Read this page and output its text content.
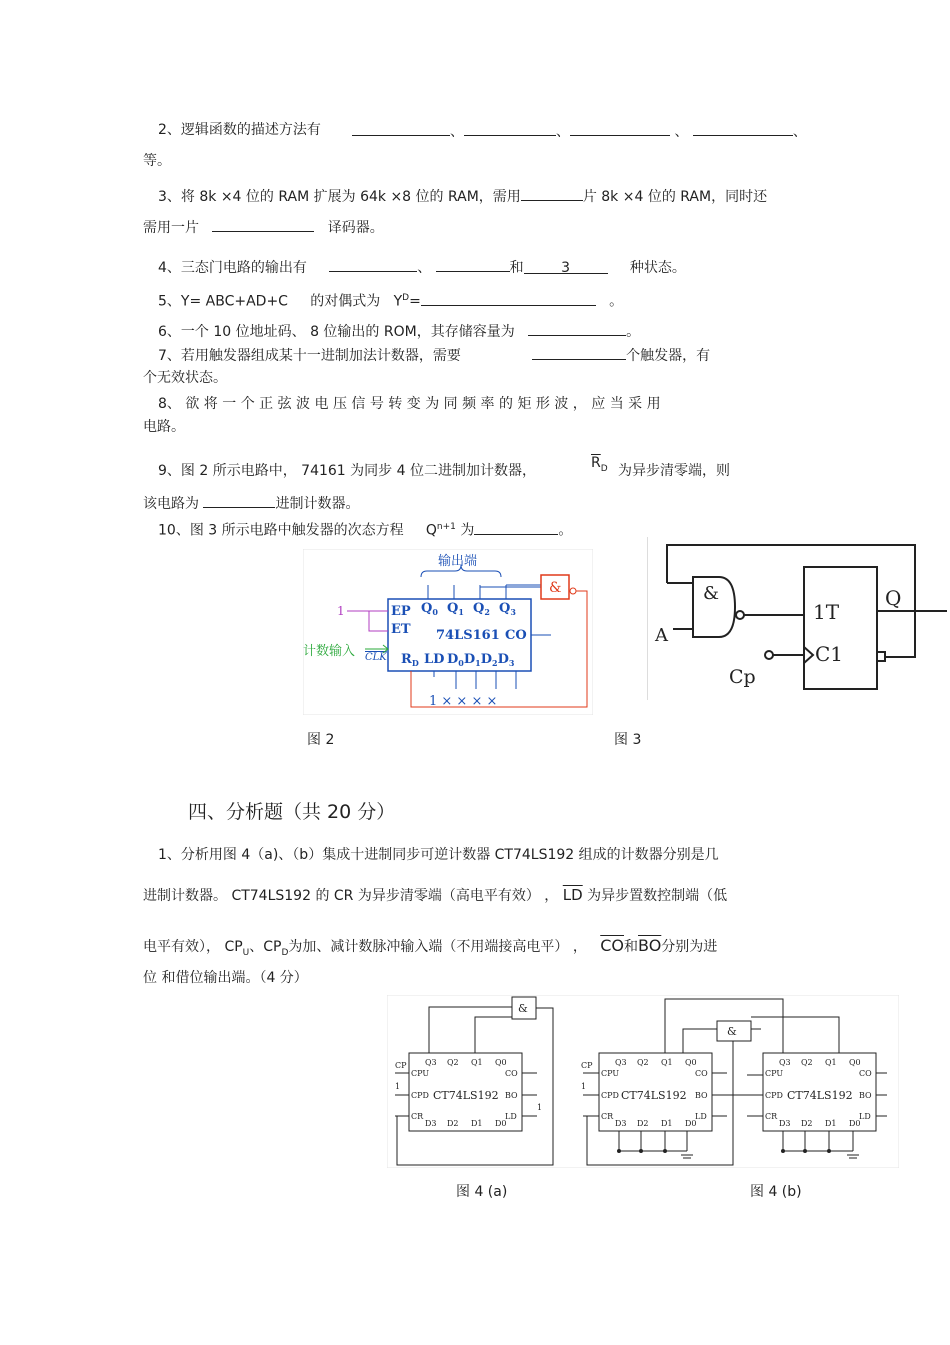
2、逻辑函数的描述方法有	、	、	、	、
等。
3、将 8k ×4 位的 RAM 扩展为 64k ×8 位的 RAM，需用	片 8k ×4 位的 RAM，同时还
需用一片	译码器。
4、三态门电路的输出有	、	和	3	种状态。
5、Y= ABC+AD+C 的对偶式为 $Y^D=$	。
6、一个 10 位地址码、 8 位输出的 ROM，其存储容量为	。
7、若用触发器组成某十一进制加法计数器，需要	个触发器，有
个无效状态。
8、 欲 将 一 个 正 弦 波 电 压 信 号 转 变 为 同 频 率 的 矩 形 波 ， 应 当 采 用
电路。
9、图 2 所示电路中， 74161 为同步 4 位二进制加计数器，	$\overline{R}_D$ 为异步清零端，则
该电路为	进制计数器。
10、图 3 所示电路中触发器的次态方程 $Q^{n+1}$ 为	。
输出端
EP
ET 74LS161 CO
$Q_0$ $Q_1$ $Q_2$ $Q_3$
CLK $R_D$ LD $D_0D_1D_2D_3$
计数输入
1
&
1 × × × ×
图 2
&
A
1T
C1
Cp
Q
图 3
四、分析题（共 20 分）
1、分析用图 4（a)、（b）集成十进制同步可逆计数器 CT74LS192 组成的计数器分别是几
进制计数器。 CT74LS192 的 CR 为异步清零端（高电平有效） ， $\overline{LD}$ 为异步置数控制端（低
电平有效）， $CP_U$、$CP_D$为加、减计数脉冲输入端（不用端接高电平） ， $\overline{CO}$和$\overline{BO}$分别为进
位 和借位输出端。（4 分）
CT74LS192
Q3 Q2 Q1 Q0
D3 D2 D1 D0
CPU
CPD
CR
CO
BO
LD
1
1
CP
&
CT74LS192
Q3 Q2 Q1 Q0
D3 D2 D1 D0
CPU
CPD
CR
CO
BO
LD
CP
1
CT74LS192
Q3 Q2 Q1 Q0
D3 D2 D1 D0
CPU
CPD
CR
CO
BO
LD
&
图 4 (a)	图 4 (b)
